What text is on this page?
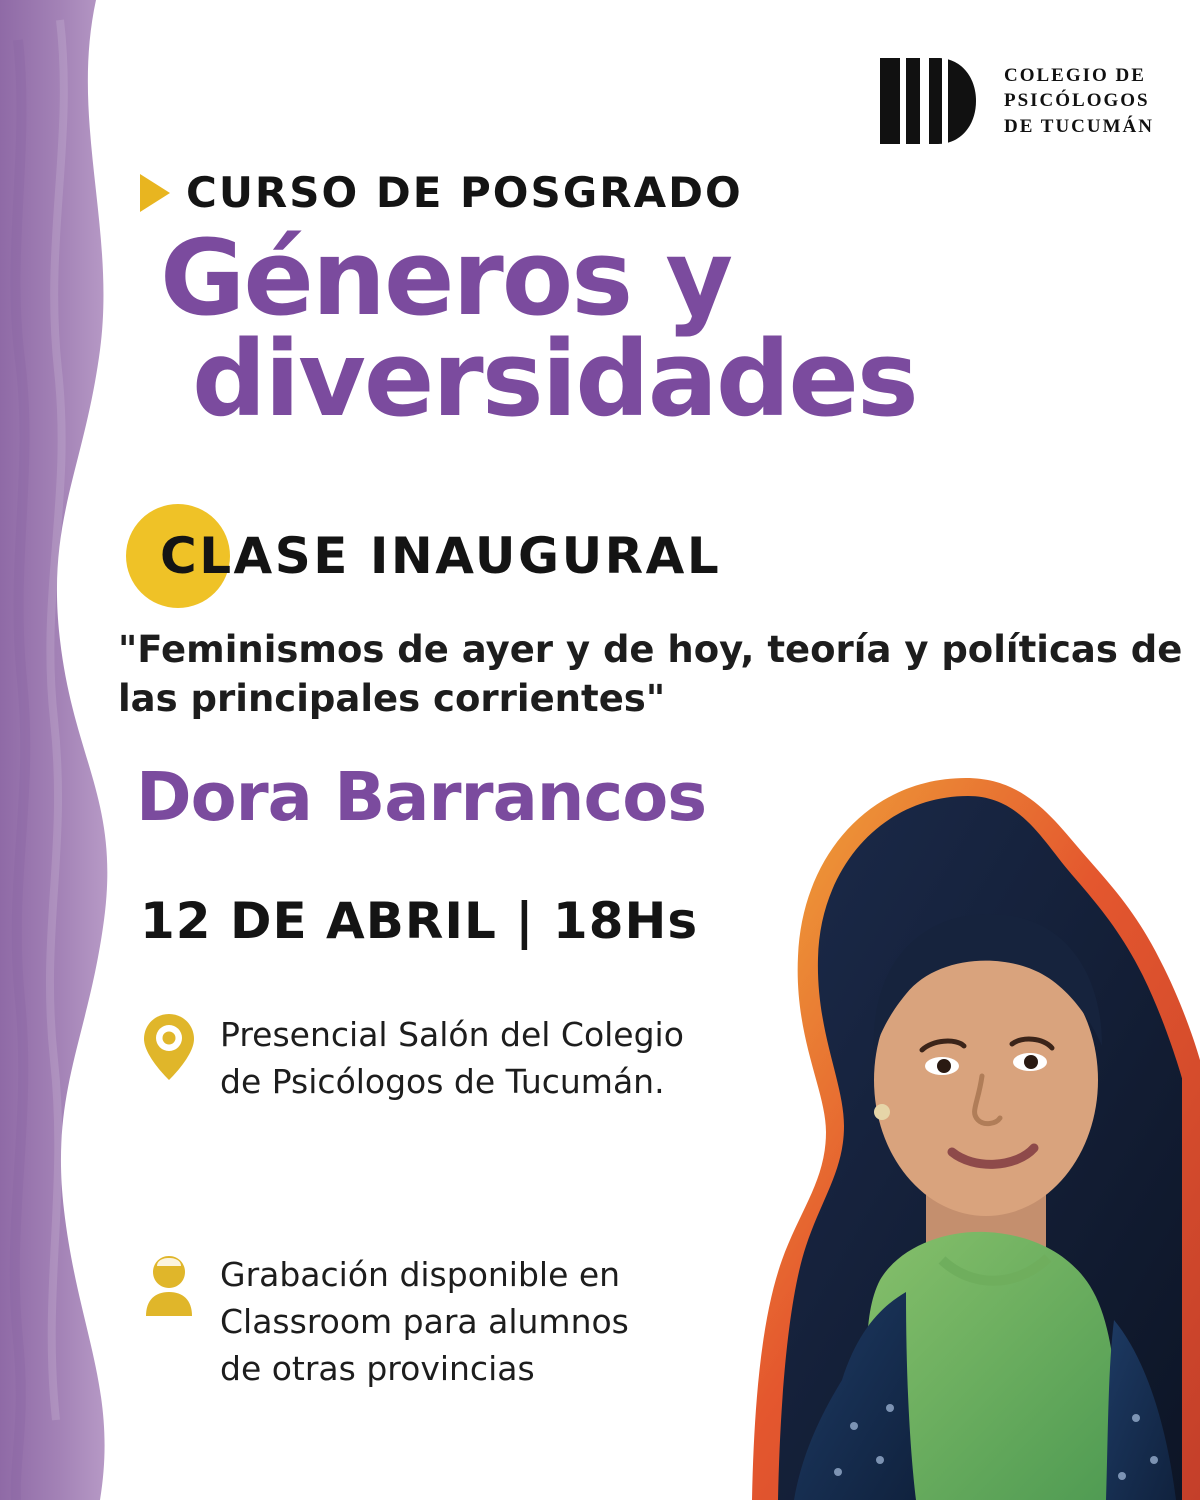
COLEGIO DE
PSICÓLOGOS
DE TUCUMÁN
CURSO DE POSGRADO
Géneros y
diversidades
CLASE INAUGURAL
"Feminismos de ayer y de hoy, teoría y políticas de las principales corrientes"
Dora Barrancos
12 DE ABRIL | 18Hs
Presencial Salón del Colegio de Psicólogos de Tucumán.
Grabación disponible en Classroom para alumnos de otras provincias
